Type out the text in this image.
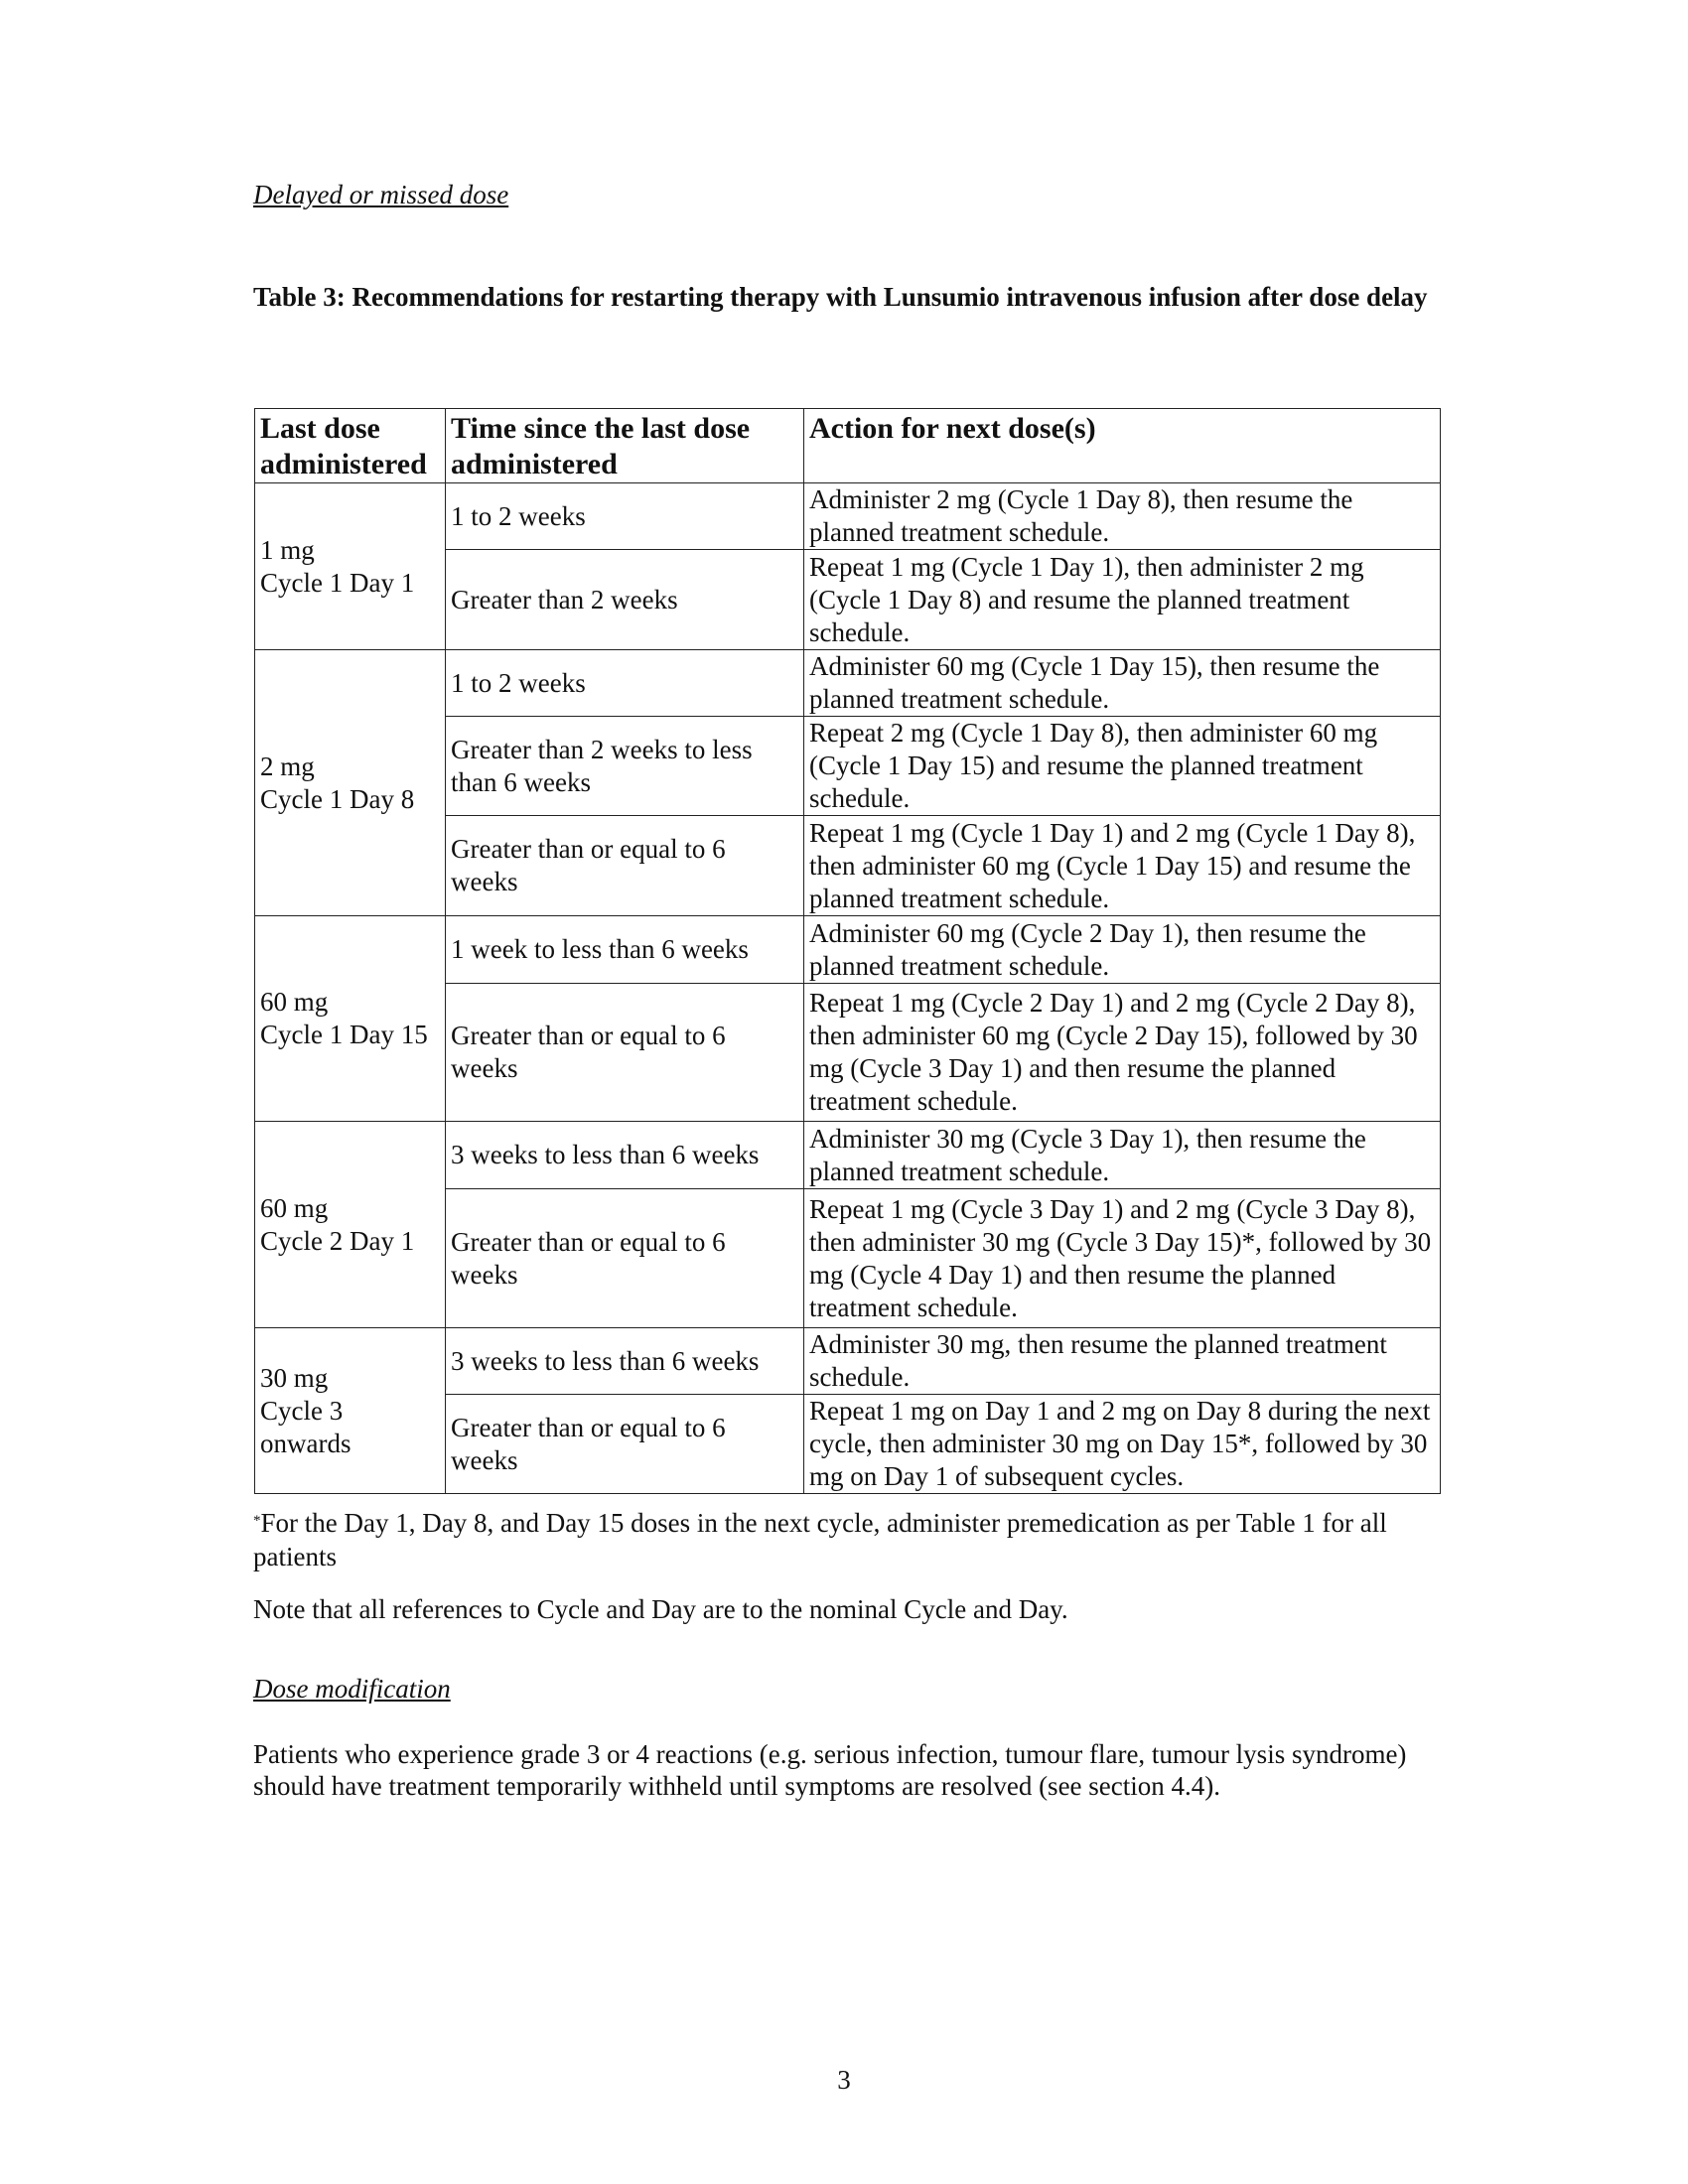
Delayed or missed dose

Table 3: Recommendations for restarting therapy with Lunsumio intravenous infusion after dose delay

Last dose administered	Time since the last dose administered	Action for next dose(s)

1 mg
Cycle 1 Day 1	1 to 2 weeks	Administer 2 mg (Cycle 1 Day 8), then resume the planned treatment schedule.
	Greater than 2 weeks	Repeat 1 mg (Cycle 1 Day 1), then administer 2 mg (Cycle 1 Day 8) and resume the planned treatment schedule.

2 mg
Cycle 1 Day 8	1 to 2 weeks	Administer 60 mg (Cycle 1 Day 15), then resume the planned treatment schedule.
	Greater than 2 weeks to less than 6 weeks	Repeat 2 mg (Cycle 1 Day 8), then administer 60 mg (Cycle 1 Day 15) and resume the planned treatment schedule.
	Greater than or equal to 6 weeks	Repeat 1 mg (Cycle 1 Day 1) and 2 mg (Cycle 1 Day 8), then administer 60 mg (Cycle 1 Day 15) and resume the planned treatment schedule.

60 mg
Cycle 1 Day 15	1 week to less than 6 weeks	Administer 60 mg (Cycle 2 Day 1), then resume the planned treatment schedule.
	Greater than or equal to 6 weeks	Repeat 1 mg (Cycle 2 Day 1) and 2 mg (Cycle 2 Day 8), then administer 60 mg (Cycle 2 Day 15), followed by 30 mg (Cycle 3 Day 1) and then resume the planned treatment schedule.

60 mg
Cycle 2 Day 1	3 weeks to less than 6 weeks	Administer 30 mg (Cycle 3 Day 1), then resume the planned treatment schedule.
	Greater than or equal to 6 weeks	Repeat 1 mg (Cycle 3 Day 1) and 2 mg (Cycle 3 Day 8), then administer 30 mg (Cycle 3 Day 15)*, followed by 30 mg (Cycle 4 Day 1) and then resume the planned treatment schedule.

30 mg
Cycle 3
onwards	3 weeks to less than 6 weeks	Administer 30 mg, then resume the planned treatment schedule.
	Greater than or equal to 6 weeks	Repeat 1 mg on Day 1 and 2 mg on Day 8 during the next cycle, then administer 30 mg on Day 15*, followed by 30 mg on Day 1 of subsequent cycles.

*For the Day 1, Day 8, and Day 15 doses in the next cycle, administer premedication as per Table 1 for all patients

Note that all references to Cycle and Day are to the nominal Cycle and Day.

Dose modification

Patients who experience grade 3 or 4 reactions (e.g. serious infection, tumour flare, tumour lysis syndrome) should have treatment temporarily withheld until symptoms are resolved (see section 4.4).

3
